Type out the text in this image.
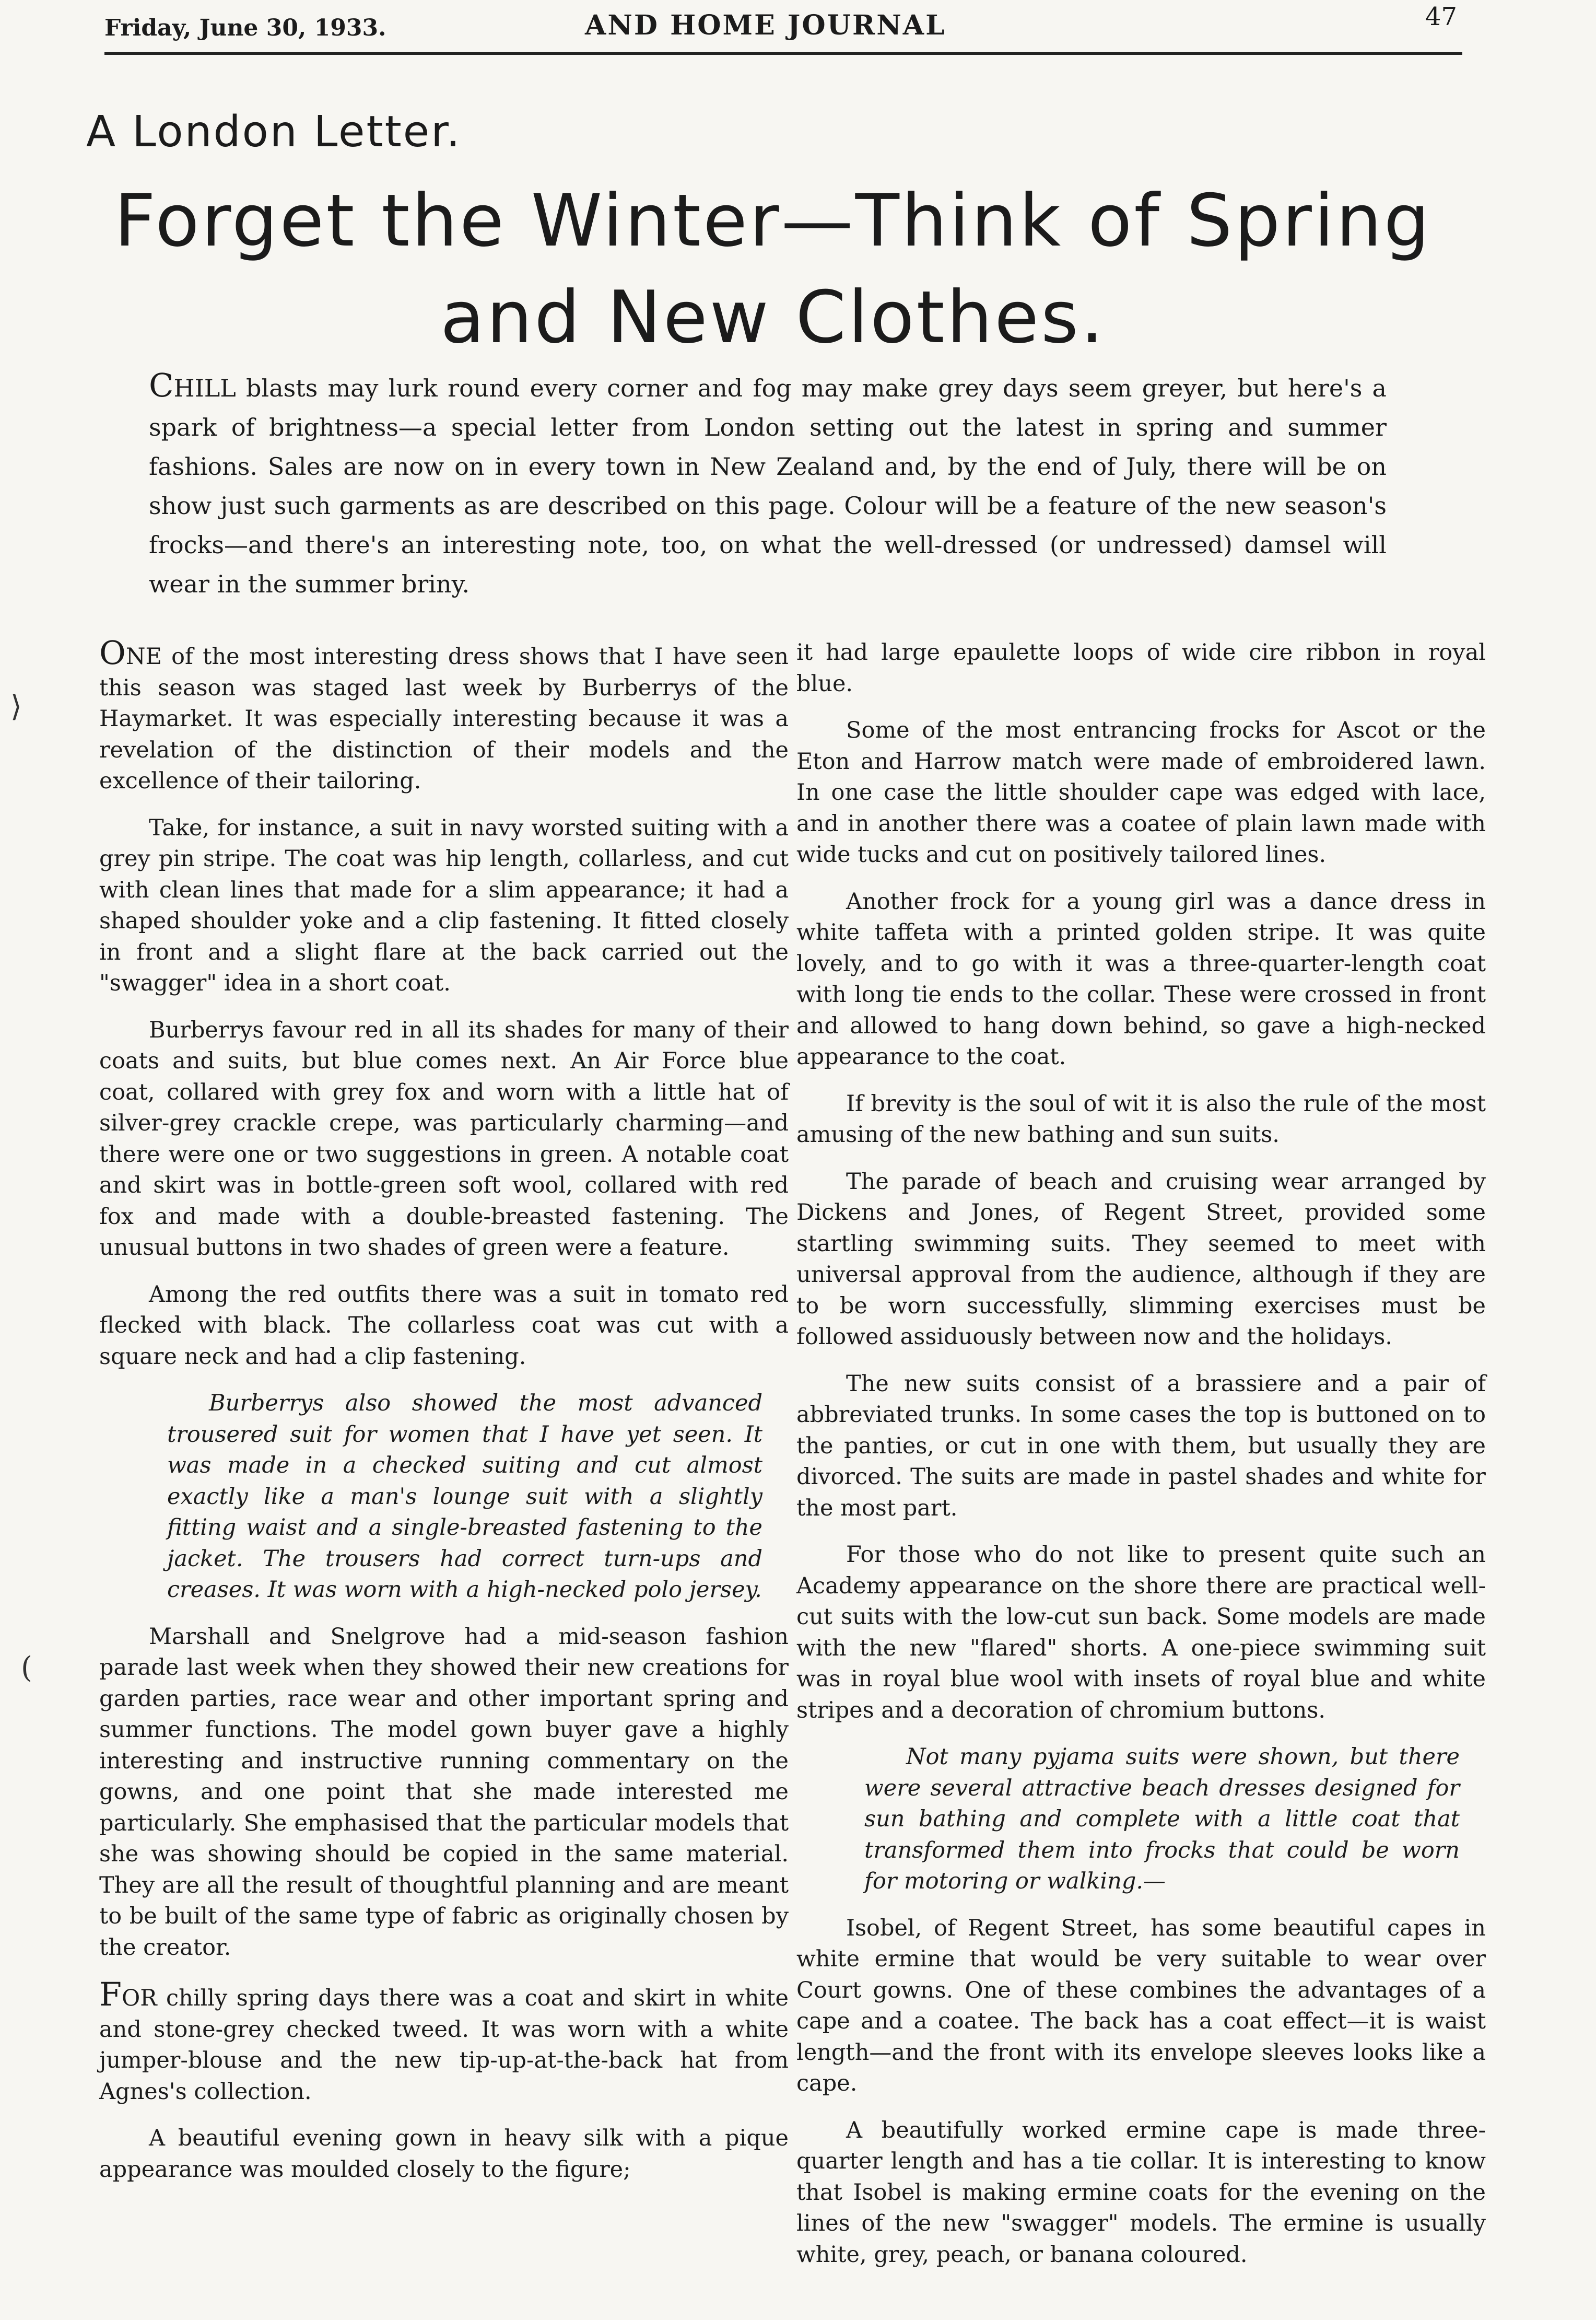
Friday, June 30, 1933.	AND HOME JOURNAL	47
⟩
(
A London Letter.
Forget the Winter—Think of Spring
and New Clothes.
CHILL blasts may lurk round every corner and fog may make grey days seem greyer, but here's a spark of brightness—a special letter from London setting out the latest in spring and summer fashions. Sales are now on in every town in New Zealand and, by the end of July, there will be on show just such garments as are described on this page. Colour will be a feature of the new season's frocks—and there's an interesting note, too, on what the well-dressed (or undressed) damsel will wear in the summer briny.

ONE of the most interesting dress shows that I have seen this season was staged last week by Burberrys of the Haymarket. It was especially interesting because it was a revelation of the distinction of their models and the excellence of their tailoring.

Take, for instance, a suit in navy worsted suiting with a grey pin stripe. The coat was hip length, collarless, and cut with clean lines that made for a slim appearance; it had a shaped shoulder yoke and a clip fastening. It fitted closely in front and a slight flare at the back carried out the "swagger" idea in a short coat.

Burberrys favour red in all its shades for many of their coats and suits, but blue comes next. An Air Force blue coat, collared with grey fox and worn with a little hat of silver-grey crackle crepe, was particularly charming—and there were one or two suggestions in green. A notable coat and skirt was in bottle-green soft wool, collared with red fox and made with a double-breasted fastening. The unusual buttons in two shades of green were a feature.

Among the red outfits there was a suit in tomato red flecked with black. The collarless coat was cut with a square neck and had a clip fastening.

Burberrys also showed the most advanced trousered suit for women that I have yet seen. It was made in a checked suiting and cut almost exactly like a man's lounge suit with a slightly fitting waist and a single-breasted fastening to the jacket. The trousers had correct turn-ups and creases. It was worn with a high-necked polo jersey.

Marshall and Snelgrove had a mid-season fashion parade last week when they showed their new creations for garden parties, race wear and other important spring and summer functions. The model gown buyer gave a highly interesting and instructive running commentary on the gowns, and one point that she made interested me particularly. She emphasised that the particular models that she was showing should be copied in the same material. They are all the result of thoughtful planning and are meant to be built of the same type of fabric as originally chosen by the creator.

FOR chilly spring days there was a coat and skirt in white and stone-grey checked tweed. It was worn with a white jumper-blouse and the new tip-up-at-the-back hat from Agnes's collection.

A beautiful evening gown in heavy silk with a pique appearance was moulded closely to the figure;

it had large epaulette loops of wide cire ribbon in royal blue.

Some of the most entrancing frocks for Ascot or the Eton and Harrow match were made of embroidered lawn. In one case the little shoulder cape was edged with lace, and in another there was a coatee of plain lawn made with wide tucks and cut on positively tailored lines.

Another frock for a young girl was a dance dress in white taffeta with a printed golden stripe. It was quite lovely, and to go with it was a three-quarter-length coat with long tie ends to the collar. These were crossed in front and allowed to hang down behind, so gave a high-necked appearance to the coat.

If brevity is the soul of wit it is also the rule of the most amusing of the new bathing and sun suits.

The parade of beach and cruising wear arranged by Dickens and Jones, of Regent Street, provided some startling swimming suits. They seemed to meet with universal approval from the audience, although if they are to be worn successfully, slimming exercises must be followed assiduously between now and the holidays.

The new suits consist of a brassiere and a pair of abbreviated trunks. In some cases the top is buttoned on to the panties, or cut in one with them, but usually they are divorced. The suits are made in pastel shades and white for the most part.

For those who do not like to present quite such an Academy appearance on the shore there are practical well-cut suits with the low-cut sun back. Some models are made with the new "flared" shorts. A one-piece swimming suit was in royal blue wool with insets of royal blue and white stripes and a decoration of chromium buttons.

Not many pyjama suits were shown, but there were several attractive beach dresses designed for sun bathing and complete with a little coat that transformed them into frocks that could be worn for motoring or walking.—

Isobel, of Regent Street, has some beautiful capes in white ermine that would be very suitable to wear over Court gowns. One of these combines the advantages of a cape and a coatee. The back has a coat effect—it is waist length—and the front with its envelope sleeves looks like a cape.

A beautifully worked ermine cape is made three-quarter length and has a tie collar. It is interesting to know that Isobel is making ermine coats for the evening on the lines of the new "swagger" models. The ermine is usually white, grey, peach, or banana coloured.
